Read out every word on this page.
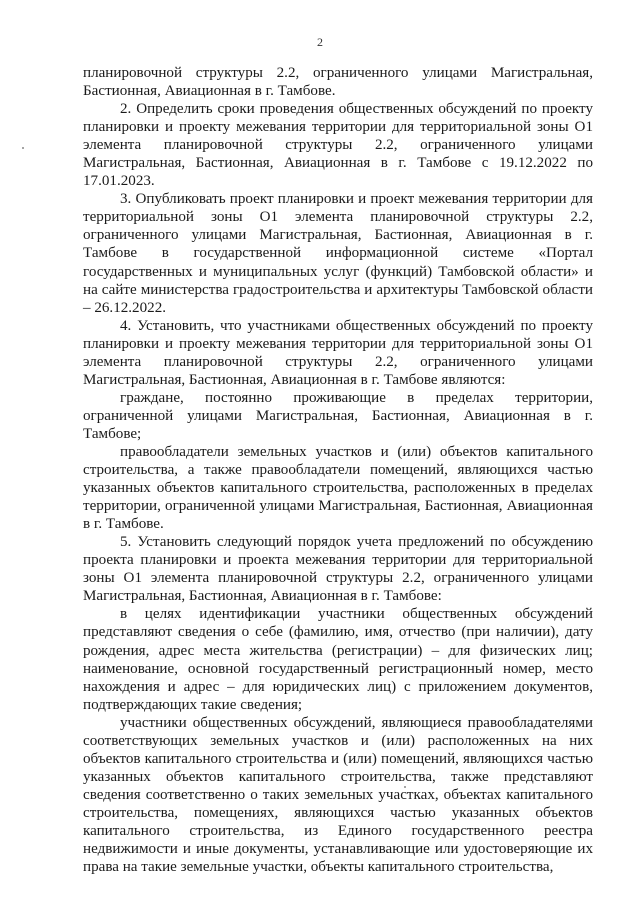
2

планировочной структуры 2.2, ограниченного улицами Магистральная, Бастионная, Авиационная в г. Тамбове.

2. Определить сроки проведения общественных обсуждений по проекту планировки и проекту межевания территории для территориальной зоны О1 элемента планировочной структуры 2.2, ограниченного улицами Магистральная, Бастионная, Авиационная в г. Тамбове с 19.12.2022 по 17.01.2023.

3. Опубликовать проект планировки и проект межевания территории для территориальной зоны О1 элемента планировочной структуры 2.2, ограниченного улицами Магистральная, Бастионная, Авиационная в г. Тамбове в государственной информационной системе «Портал государственных и муниципальных услуг (функций) Тамбовской области» и на сайте министерства градостроительства и архитектуры Тамбовской области – 26.12.2022.

4. Установить, что участниками общественных обсуждений по проекту планировки и проекту межевания территории для территориальной зоны О1 элемента планировочной структуры 2.2, ограниченного улицами Магистральная, Бастионная, Авиационная в г. Тамбове являются:

граждане, постоянно проживающие в пределах территории, ограниченной улицами Магистральная, Бастионная, Авиационная в г. Тамбове;

правообладатели земельных участков и (или) объектов капитального строительства, а также правообладатели помещений, являющихся частью указанных объектов капитального строительства, расположенных в пределах территории, ограниченной улицами Магистральная, Бастионная, Авиационная в г. Тамбове.

5. Установить следующий порядок учета предложений по обсуждению проекта планировки и проекта межевания территории для территориальной зоны О1 элемента планировочной структуры 2.2, ограниченного улицами Магистральная, Бастионная, Авиационная в г. Тамбове:

в целях идентификации участники общественных обсуждений представляют сведения о себе (фамилию, имя, отчество (при наличии), дату рождения, адрес места жительства (регистрации) – для физических лиц; наименование, основной государственный регистрационный номер, место нахождения и адрес – для юридических лиц) с приложением документов, подтверждающих такие сведения;

участники общественных обсуждений, являющиеся правообладателями соответствующих земельных участков и (или) расположенных на них объектов капитального строительства и (или) помещений, являющихся частью указанных объектов капитального строительства, также представляют сведения соответственно о таких земельных участках, объектах капитального строительства, помещениях, являющихся частью указанных объектов капитального строительства, из Единого государственного реестра недвижимости и иные документы, устанавливающие или удостоверяющие их права на такие земельные участки, объекты капитального строительства,
